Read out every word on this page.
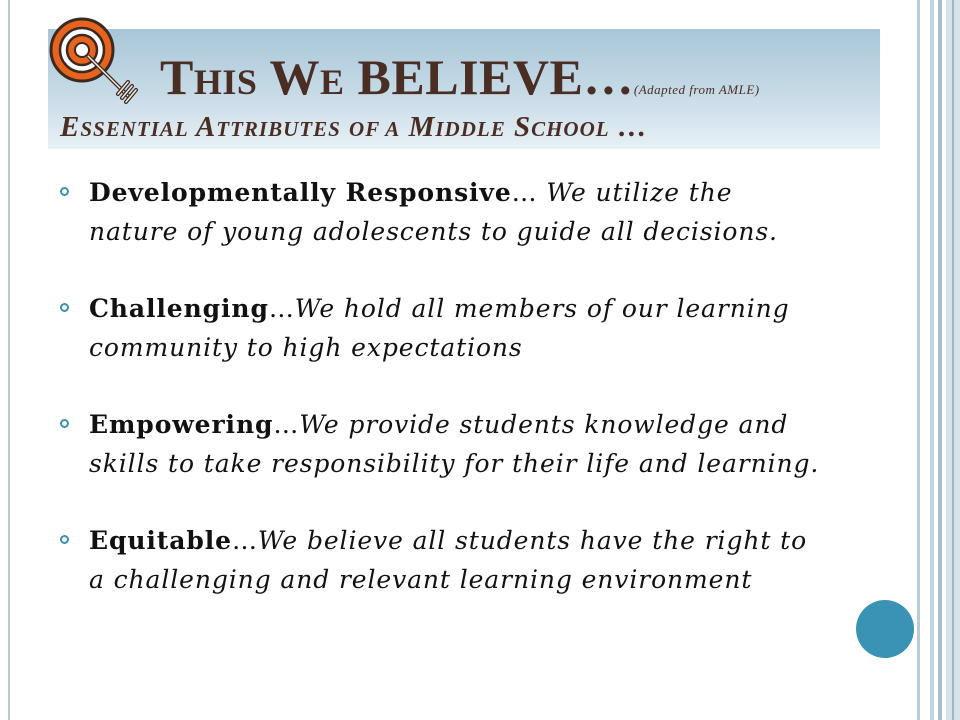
THIS WE BELIEVE…(Adapted from AMLE)
ESSENTIAL ATTRIBUTES OF A MIDDLE SCHOOL …
Developmentally Responsive… We utilize the nature of young adolescents to guide all decisions.
Challenging…We hold all members of our learning community to high expectations
Empowering…We provide students knowledge and skills to take responsibility for their life and learning.
Equitable…We believe all students have the right to a challenging and relevant learning environment
